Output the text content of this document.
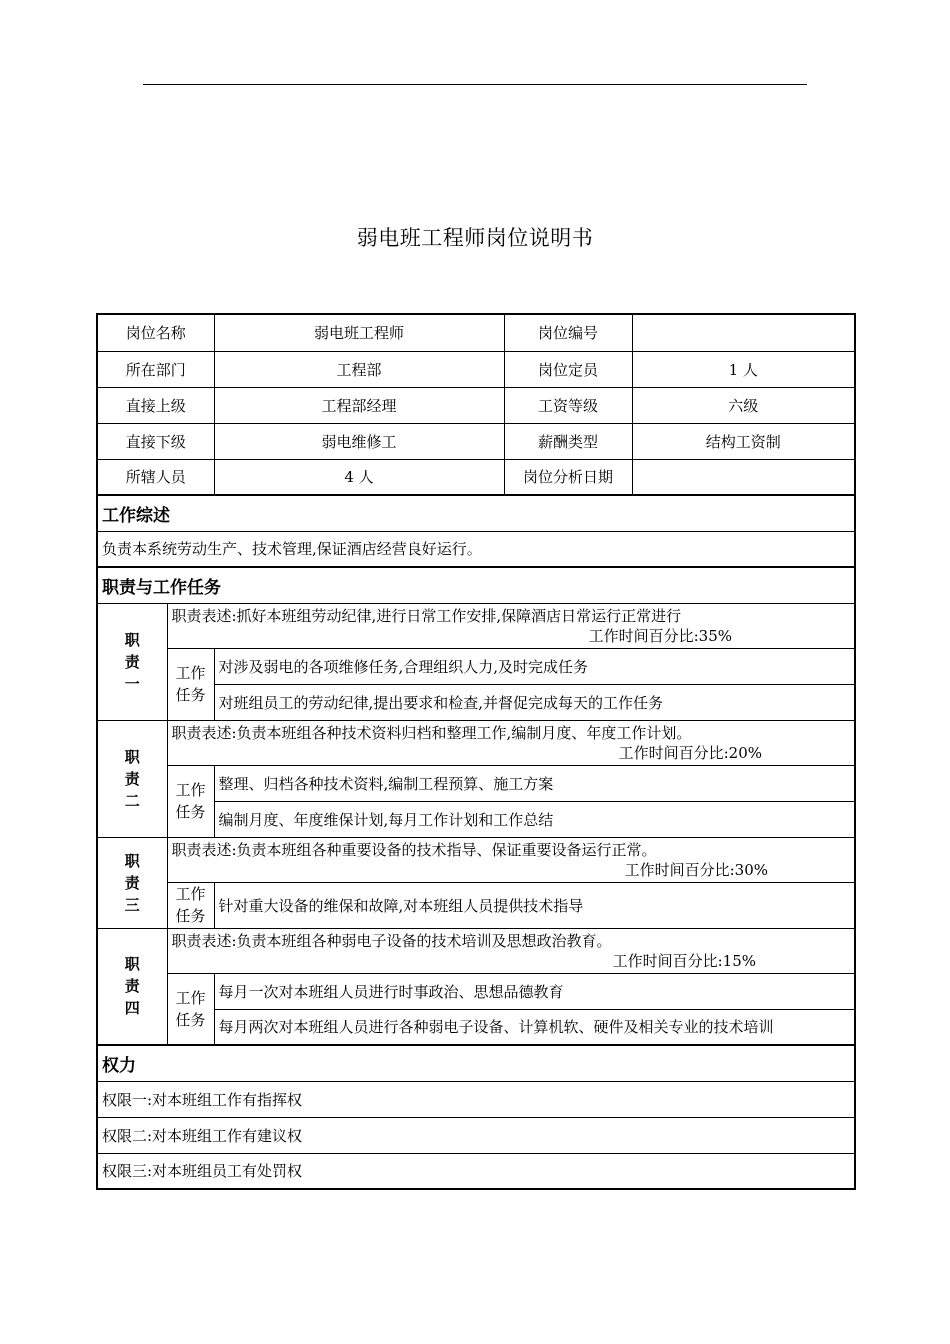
弱电班工程师岗位说明书
岗位名称		弱电班工程师	岗位编号	
所在部门		工程部	岗位定员	1 人
直接上级		工程部经理	工资等级	六级
直接下级		弱电维修工	薪酬类型	结构工资制
所辖人员		4 人	岗位分析日期	
工作综述				
负责本系统劳动生产、技术管理,保证酒店经营良好运行。				
职责与工作任务				

职
责
一	职责表述:抓好本班组劳动纪律,进行日常工作安排,保障酒店日常运行正常进行
工作时间百分比:35%			

	工作
任务	对涉及弱电的各项维修任务,合理组织人力,及时完成任务		
		对班组员工的劳动纪律,提出要求和检查,并督促完成每天的工作任务		

职
责
二	职责表述:负责本班组各种技术资料归档和整理工作,编制月度、年度工作计划。
工作时间百分比:20%			

	工作
任务	整理、归档各种技术资料,编制工程预算、施工方案		
		编制月度、年度维保计划,每月工作计划和工作总结		

职
责
三	职责表述:负责本班组各种重要设备的技术指导、保证重要设备运行正常。
工作时间百分比:30%			

	工作
任务	针对重大设备的维保和故障,对本班组人员提供技术指导		

职
责
四	职责表述:负责本班组各种弱电子设备的技术培训及思想政治教育。
工作时间百分比:15%			

	工作
任务	每月一次对本班组人员进行时事政治、思想品德教育		
		每月两次对本班组人员进行各种弱电子设备、计算机软、硬件及相关专业的技术培训		
权力				
权限一:对本班组工作有指挥权				
权限二:对本班组工作有建议权				
权限三:对本班组员工有处罚权				
